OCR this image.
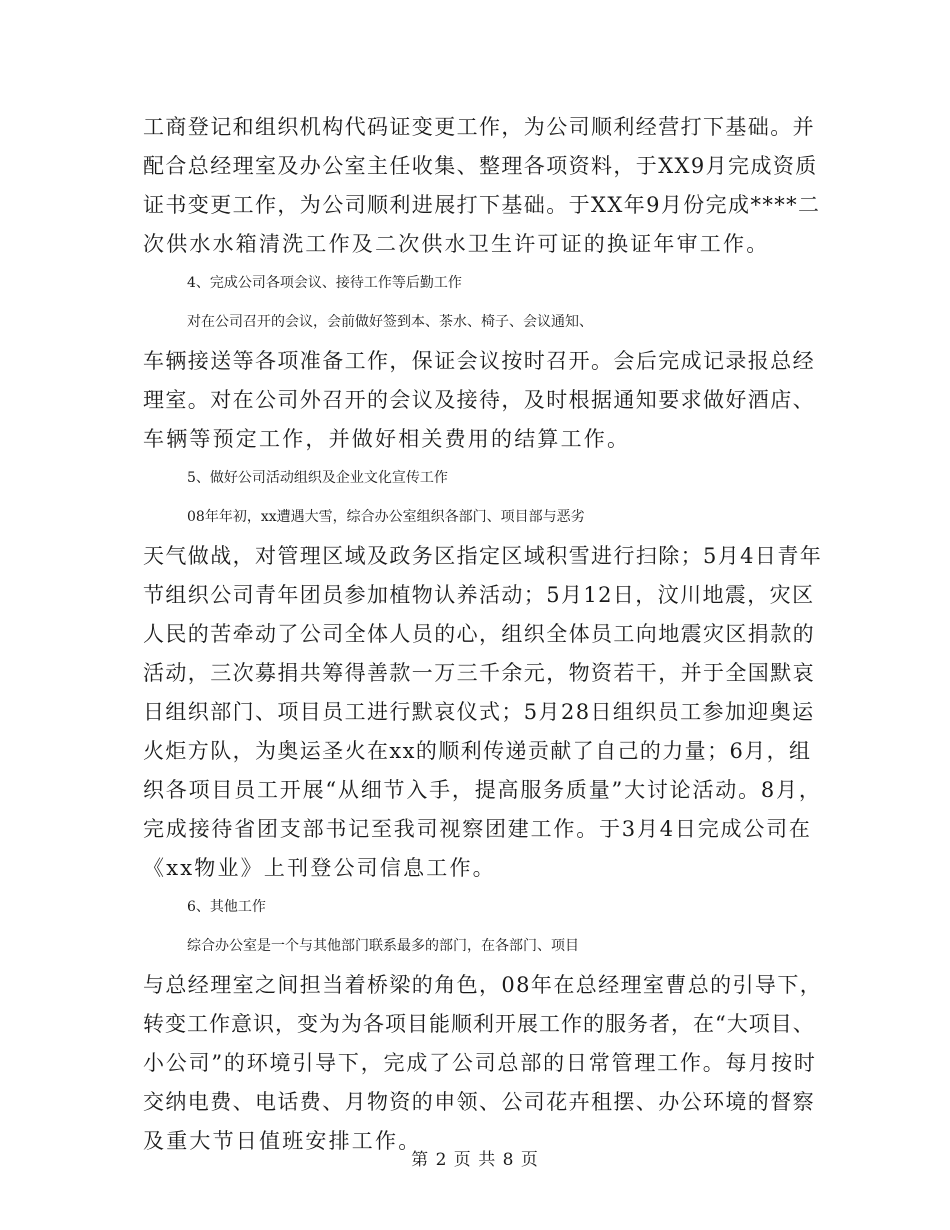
工商登记和组织机构代码证变更工作，为公司顺利经营打下基础。并
配合总经理室及办公室主任收集、整理各项资料，于XX9月完成资质
证书变更工作，为公司顺利进展打下基础。于XX年9月份完成****二
次供水水箱清洗工作及二次供水卫生许可证的换证年审工作。
4、完成公司各项会议、接待工作等后勤工作
对在公司召开的会议，会前做好签到本、茶水、椅子、会议通知、
车辆接送等各项准备工作，保证会议按时召开。会后完成记录报总经
理室。对在公司外召开的会议及接待，及时根据通知要求做好酒店、
车辆等预定工作，并做好相关费用的结算工作。
5、做好公司活动组织及企业文化宣传工作
08年年初，xx遭遇大雪，综合办公室组织各部门、项目部与恶劣
天气做战，对管理区域及政务区指定区域积雪进行扫除；5月4日青年
节组织公司青年团员参加植物认养活动；5月12日，汶川地震，灾区
人民的苦牵动了公司全体人员的心，组织全体员工向地震灾区捐款的
活动，三次募捐共筹得善款一万三千余元，物资若干，并于全国默哀
日组织部门、项目员工进行默哀仪式；5月28日组织员工参加迎奥运
火炬方队，为奥运圣火在xx的顺利传递贡献了自己的力量；6月，组
织各项目员工开展“从细节入手，提高服务质量”大讨论活动。8月，
完成接待省团支部书记至我司视察团建工作。于3月4日完成公司在
《xx物业》上刊登公司信息工作。
6、其他工作
综合办公室是一个与其他部门联系最多的部门，在各部门、项目
与总经理室之间担当着桥梁的角色，08年在总经理室曹总的引导下，
转变工作意识，变为为各项目能顺利开展工作的服务者，在“大项目、
小公司”的环境引导下，完成了公司总部的日常管理工作。每月按时
交纳电费、电话费、月物资的申领、公司花卉租摆、办公环境的督察
及重大节日值班安排工作。
第 2 页 共 8 页
